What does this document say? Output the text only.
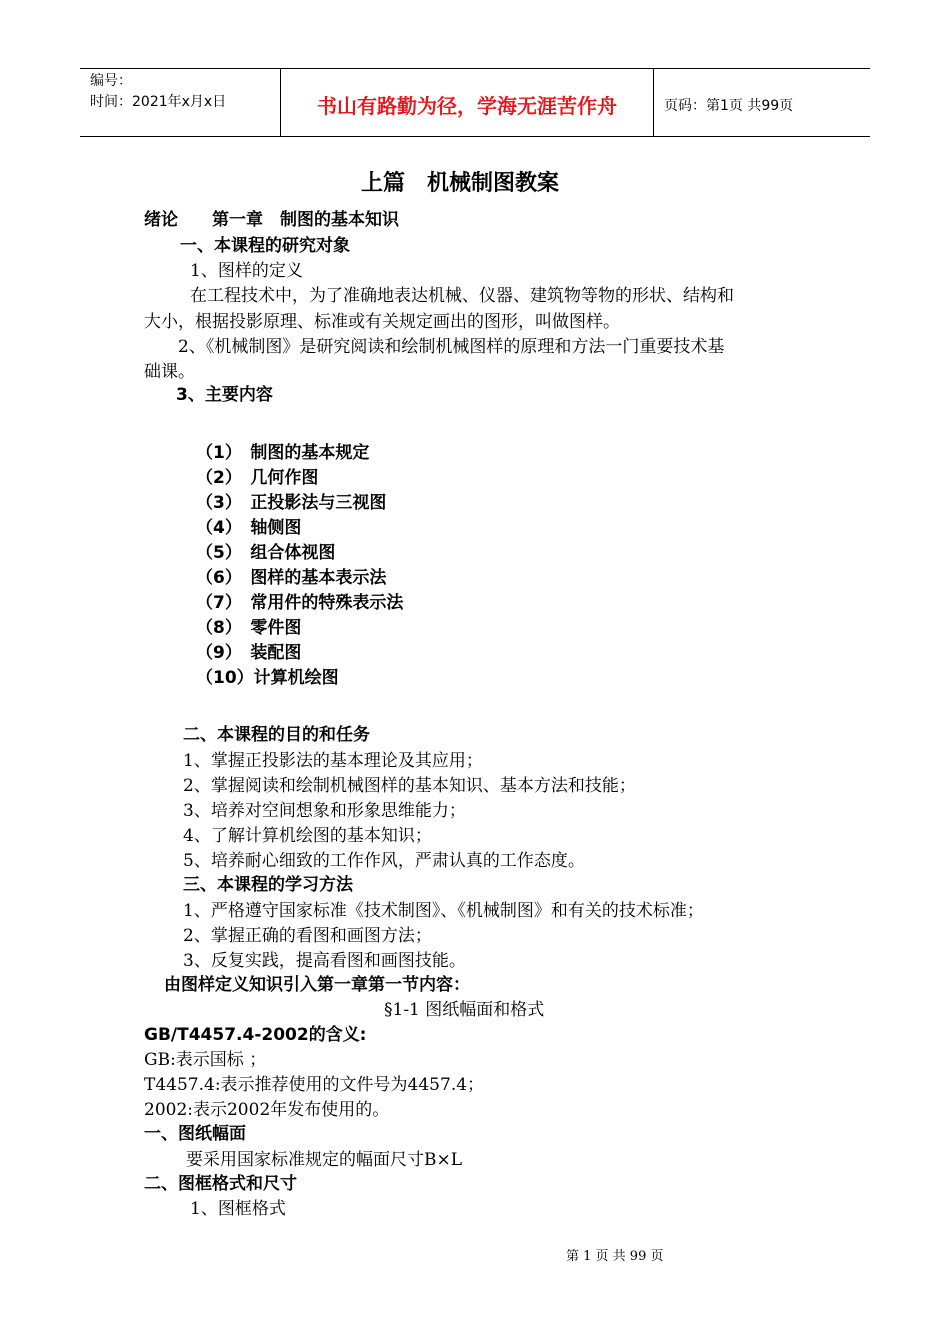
编号：
时间：2021年x月x日	书山有路勤为径，学海无涯苦作舟	页码：第1页 共99页
上篇　机械制图教案
绪论　　第一章　制图的基本知识
一、本课程的研究对象
1、图样的定义
在工程技术中，为了准确地表达机械、仪器、建筑物等物的形状、结构和
大小，根据投影原理、标准或有关规定画出的图形，叫做图样。
2、《机械制图》是研究阅读和绘制机械图样的原理和方法一门重要技术基
础课。
3、主要内容
（1）　制图的基本规定
（2）　几何作图
（3）　正投影法与三视图
（4）　轴侧图
（5）　组合体视图
（6）　图样的基本表示法
（7）　常用件的特殊表示法
（8）　零件图
（9）　装配图
（10）计算机绘图
二、本课程的目的和任务
1、掌握正投影法的基本理论及其应用；
2、掌握阅读和绘制机械图样的基本知识、基本方法和技能；
3、培养对空间想象和形象思维能力；
4、了解计算机绘图的基本知识；
5、培养耐心细致的工作作风，严肃认真的工作态度。
三、本课程的学习方法
1、严格遵守国家标准《技术制图》、《机械制图》和有关的技术标准；
2、掌握正确的看图和画图方法；
3、反复实践，提高看图和画图技能。
由图样定义知识引入第一章第一节内容：
§1-1 图纸幅面和格式
GB/T4457.4-2002的含义:
GB:表示国标 ；
T4457.4:表示推荐使用的文件号为4457.4；
2002:表示2002年发布使用的。
一、图纸幅面
要采用国家标准规定的幅面尺寸B×L
二、图框格式和尺寸
1、图框格式
第 1 页 共 99 页
